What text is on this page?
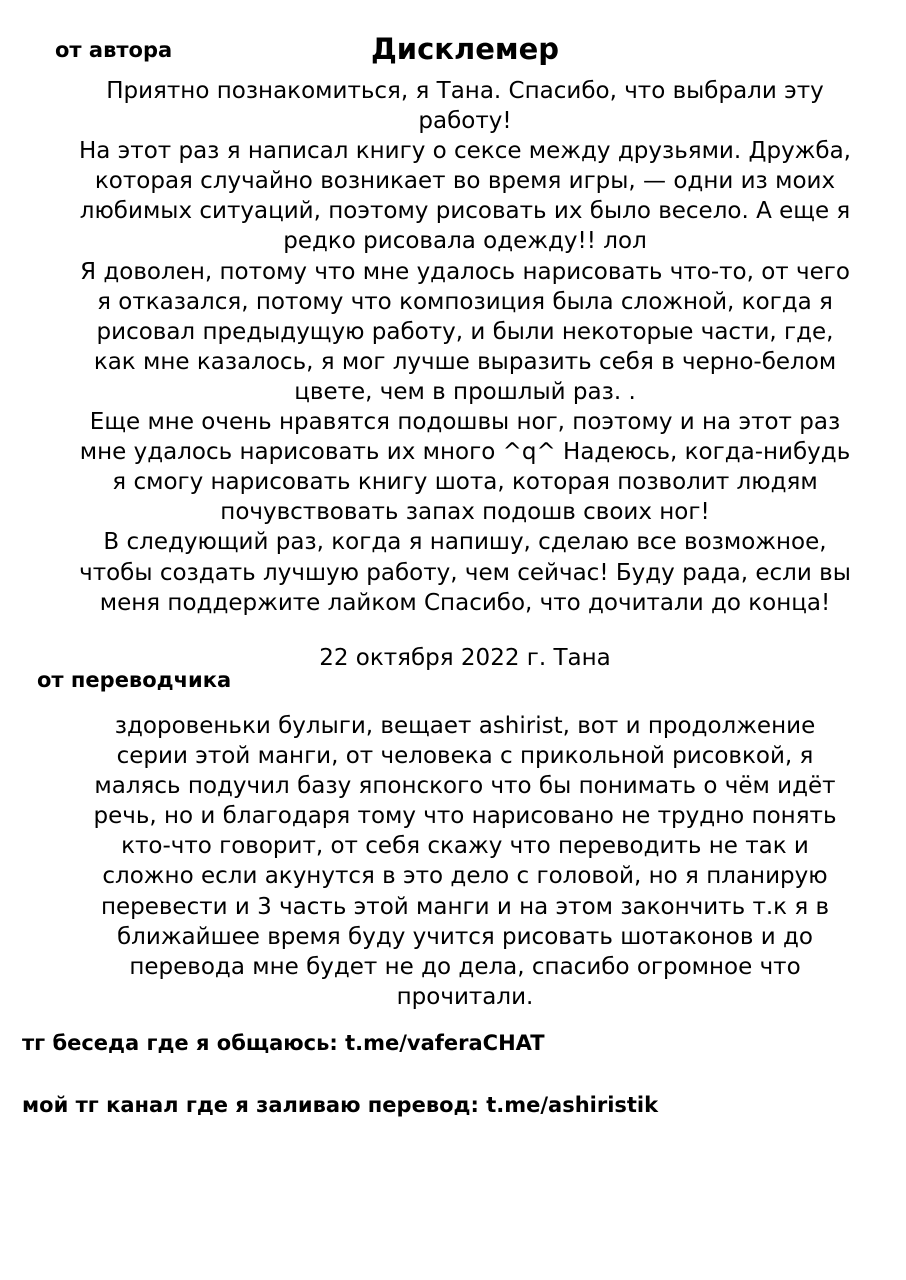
от автора	Дисклемер
Приятно познакомиться, я Тана. Спасибо, что выбрали эту
работу!
На этот раз я написал книгу о сексе между друзьями. Дружба,
которая случайно возникает во время игры, — одни из моих
любимых ситуаций, поэтому рисовать их было весело. А еще я
редко рисовала одежду!! лол
Я доволен, потому что мне удалось нарисовать что-то, от чего
я отказался, потому что композиция была сложной, когда я
рисовал предыдущую работу, и были некоторые части, где,
как мне казалось, я мог лучше выразить себя в черно-белом
цвете, чем в прошлый раз. .
Еще мне очень нравятся подошвы ног, поэтому и на этот раз
мне удалось нарисовать их много ^q^ Надеюсь, когда-нибудь
я смогу нарисовать книгу шота, которая позволит людям
почувствовать запах подошв своих ног!
В следующий раз, когда я напишу, сделаю все возможное,
чтобы создать лучшую работу, чем сейчас! Буду рада, если вы
меня поддержите лайком Спасибо, что дочитали до конца!
22 октября 2022 г. Тана
от переводчика
здоровеньки булыги, вещает ashirist, вот и продолжение
серии этой манги, от человека с прикольной рисовкой, я
малясь подучил базу японского что бы понимать о чём идёт
речь, но и благодаря тому что нарисовано не трудно понять
кто-что говорит, от себя скажу что переводить не так и
сложно если акунутся в это дело с головой, но я планирую
перевести и 3 часть этой манги и на этом закончить т.к я в
ближайшее время буду учится рисовать шотаконов и до
перевода мне будет не до дела, спасибо огромное что
прочитали.
тг беседа где я общаюсь: t.me/vaferaCHAT
мой тг канал где я заливаю перевод: t.me/ashiristik
